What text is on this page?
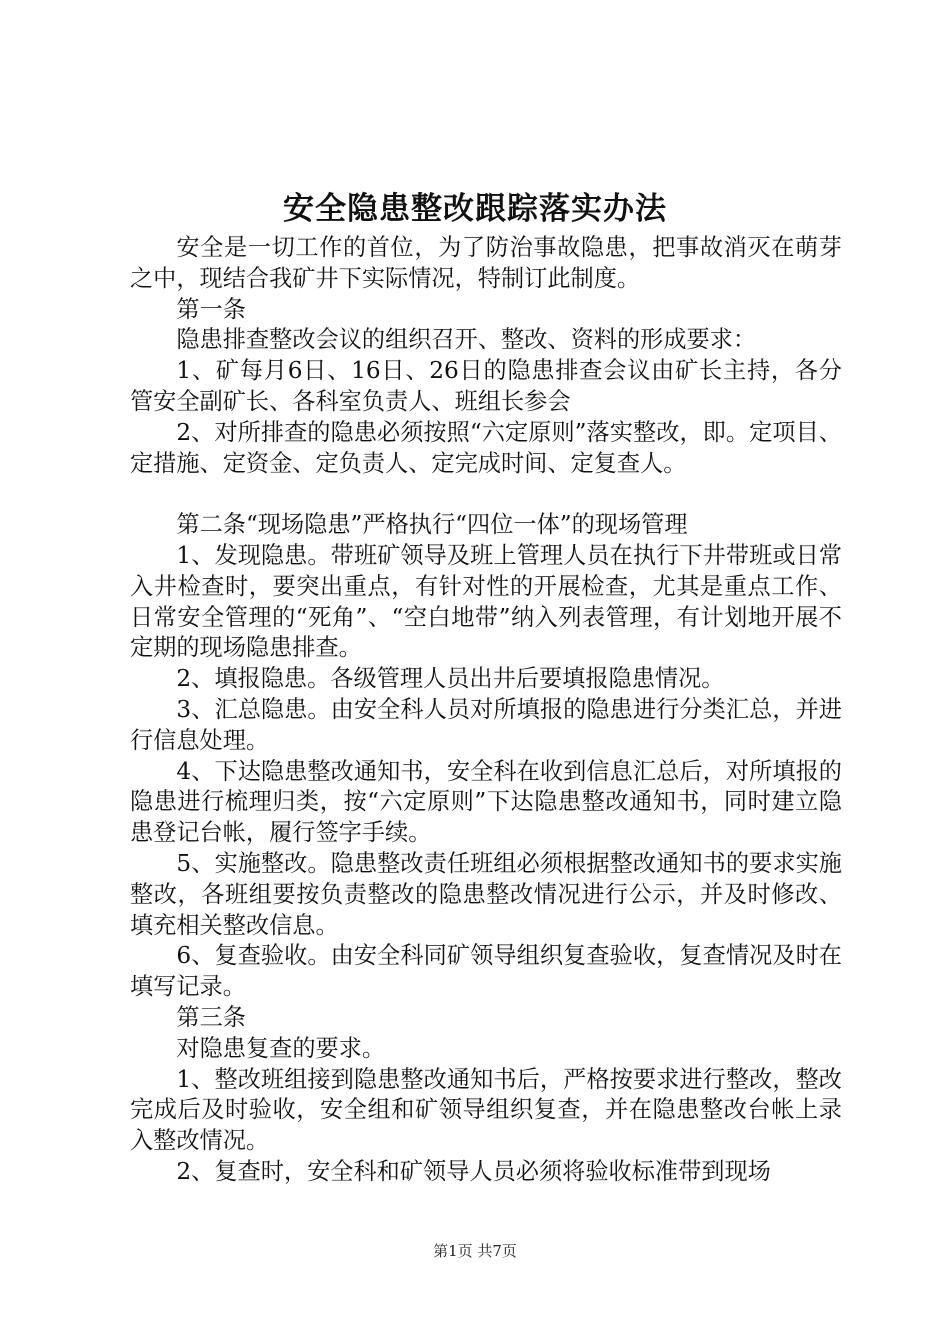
安全隐患整改跟踪落实办法

安全是一切工作的首位，为了防治事故隐患，把事故消灭在萌芽之中，现结合我矿井下实际情况，特制订此制度。

第一条

隐患排查整改会议的组织召开、整改、资料的形成要求：

1、矿每月6日、16日、26日的隐患排查会议由矿长主持，各分管安全副矿长、各科室负责人、班组长参会

2、对所排查的隐患必须按照“六定原则”落实整改，即。定项目、定措施、定资金、定负责人、定完成时间、定复查人。

第二条“现场隐患”严格执行“四位一体”的现场管理

1、发现隐患。带班矿领导及班上管理人员在执行下井带班或日常入井检查时，要突出重点，有针对性的开展检查，尤其是重点工作、日常安全管理的“死角”、“空白地带”纳入列表管理，有计划地开展不定期的现场隐患排查。

2、填报隐患。各级管理人员出井后要填报隐患情况。

3、汇总隐患。由安全科人员对所填报的隐患进行分类汇总，并进行信息处理。

4、下达隐患整改通知书，安全科在收到信息汇总后，对所填报的隐患进行梳理归类，按“六定原则”下达隐患整改通知书，同时建立隐患登记台帐，履行签字手续。

5、实施整改。隐患整改责任班组必须根据整改通知书的要求实施整改，各班组要按负责整改的隐患整改情况进行公示，并及时修改、填充相关整改信息。

6、复查验收。由安全科同矿领导组织复查验收，复查情况及时在填写记录。

第三条

对隐患复查的要求。

1、整改班组接到隐患整改通知书后，严格按要求进行整改，整改完成后及时验收，安全组和矿领导组织复查，并在隐患整改台帐上录入整改情况。

2、复查时，安全科和矿领导人员必须将验收标准带到现场

第1页 共7页
